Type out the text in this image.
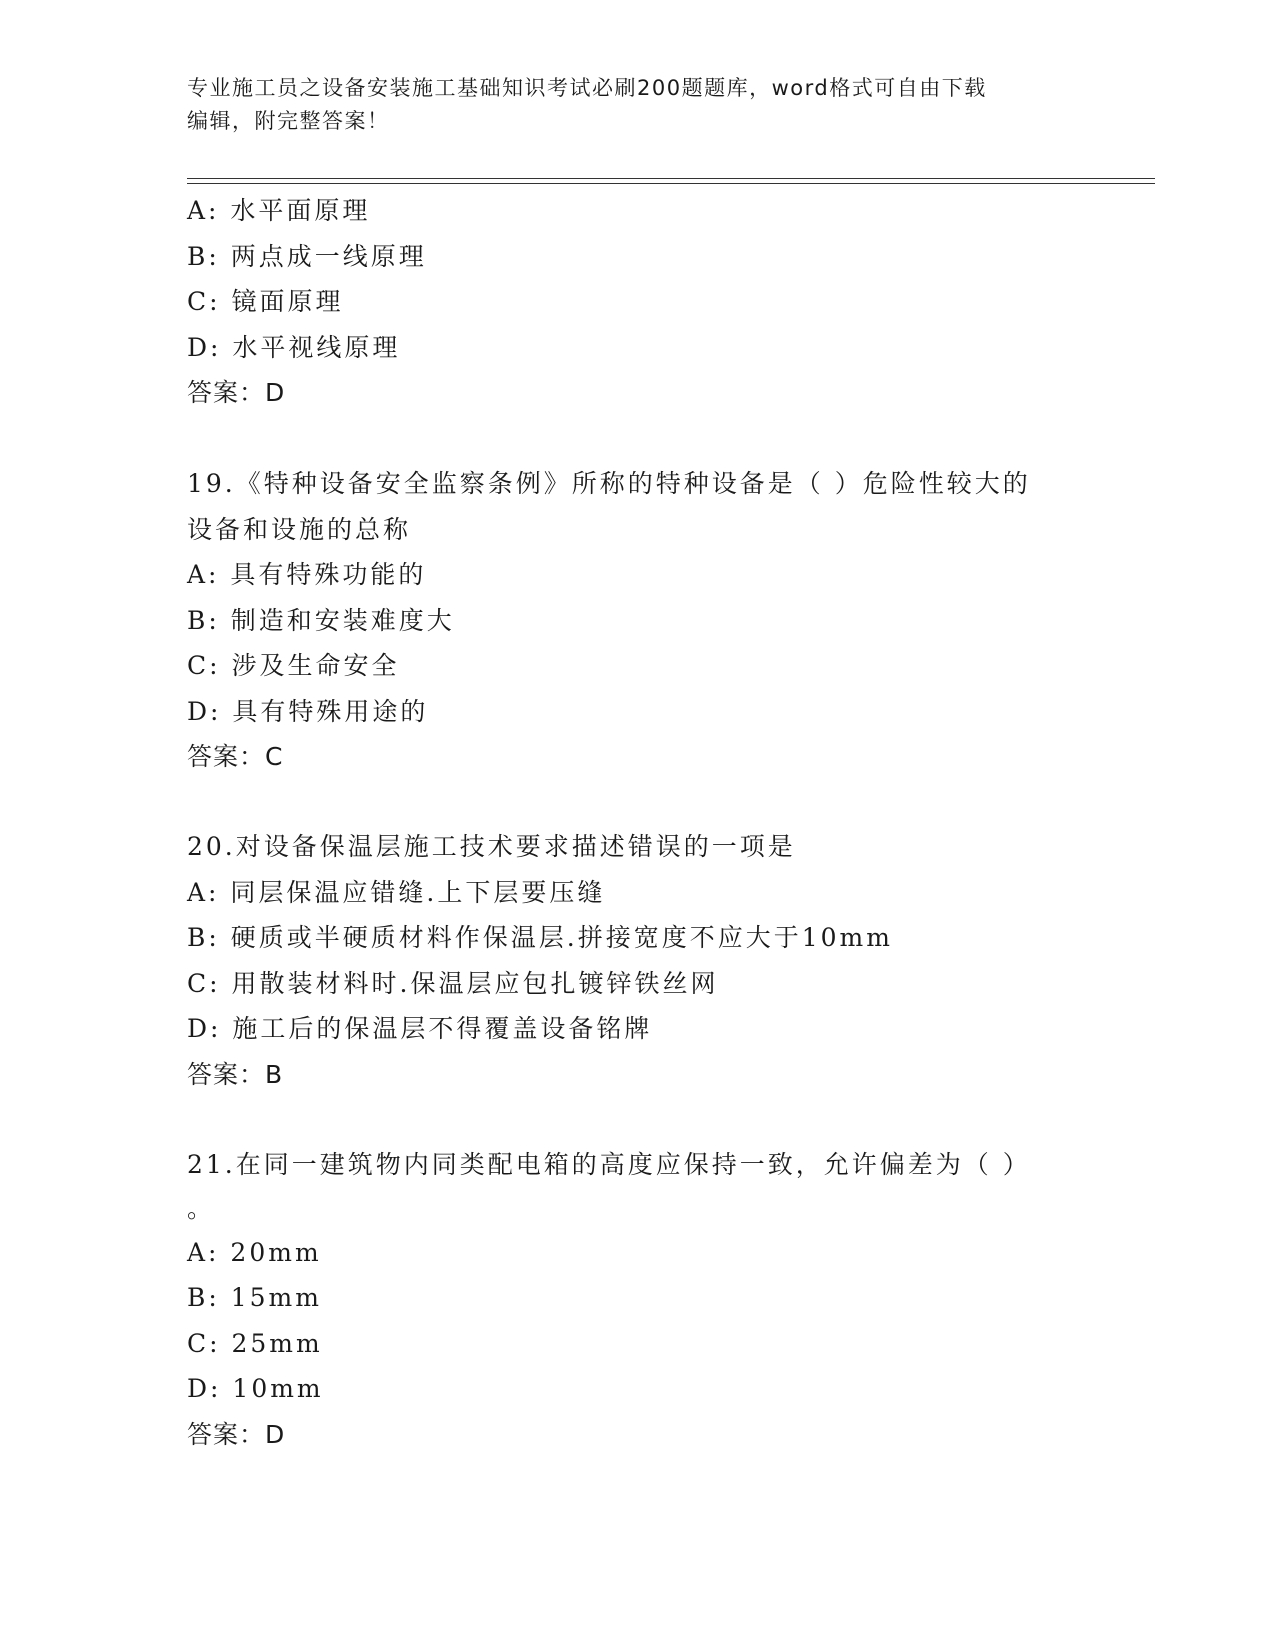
专业施工员之设备安装施工基础知识考试必刷200题题库，word格式可自由下载
编辑，附完整答案！
A: 水平面原理
B: 两点成一线原理
C: 镜面原理
D: 水平视线原理
答案：D
19.《特种设备安全监察条例》所称的特种设备是（ ）危险性较大的
设备和设施的总称
A: 具有特殊功能的
B: 制造和安装难度大
C: 涉及生命安全
D: 具有特殊用途的
答案：C
20.对设备保温层施工技术要求描述错误的一项是
A: 同层保温应错缝.上下层要压缝
B: 硬质或半硬质材料作保温层.拼接宽度不应大于10mm
C: 用散装材料时.保温层应包扎镀锌铁丝网
D: 施工后的保温层不得覆盖设备铭牌
答案：B
21.在同一建筑物内同类配电箱的高度应保持一致，允许偏差为（ ）
。
A: 20mm
B: 15mm
C: 25mm
D: 10mm
答案：D
